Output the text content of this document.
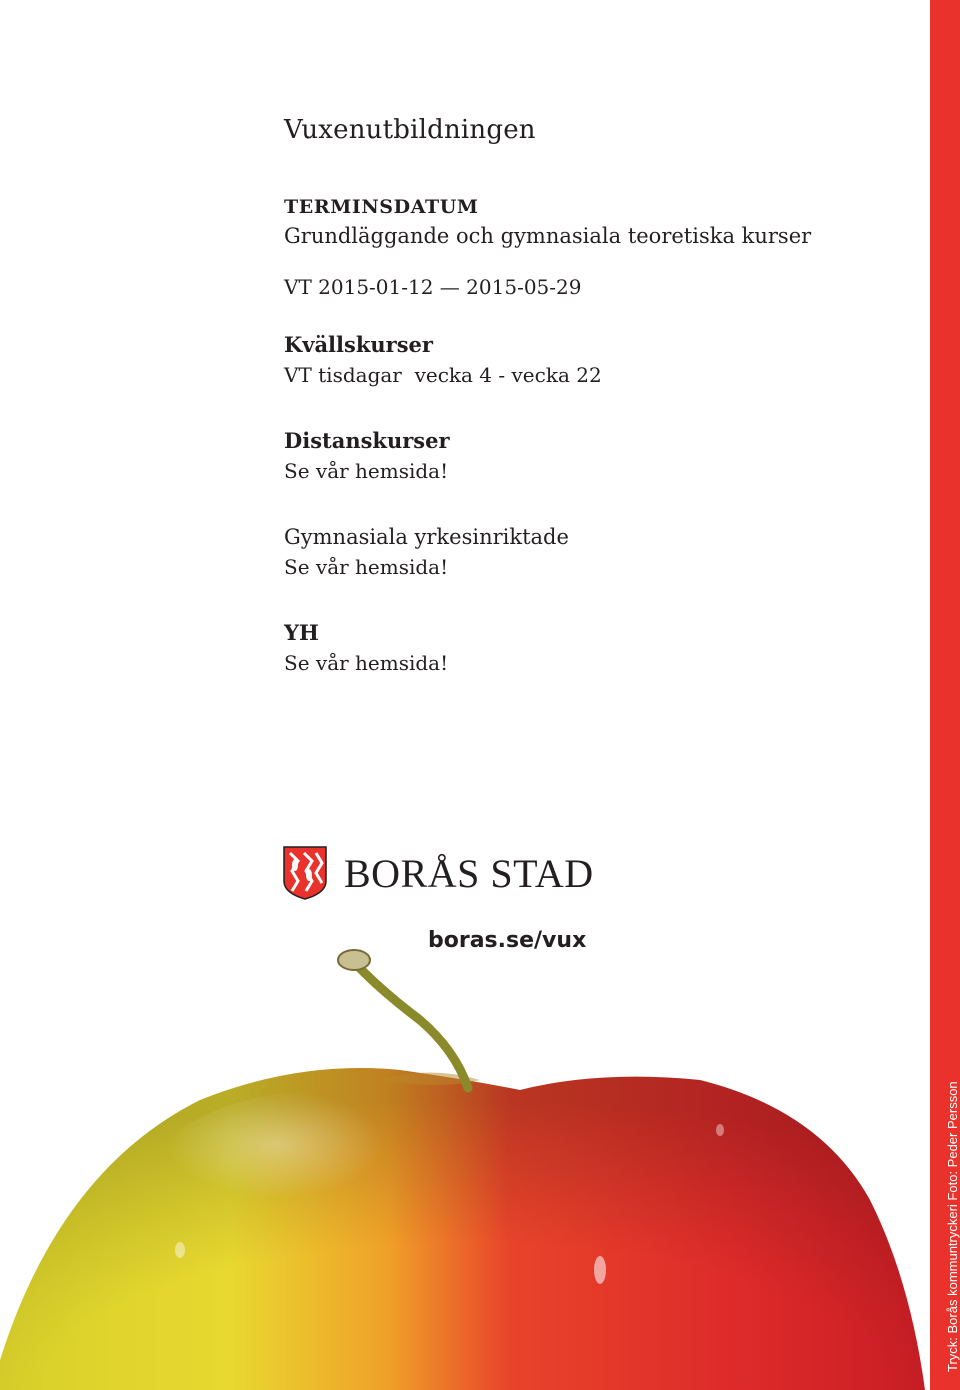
Tryck: Borås kommuntryckeri Foto: Peder Persson
Vuxenutbildningen
TERMINSDATUM
Grundläggande och gymnasiala teoretiska kurser
VT 2015-01-12 — 2015-05-29
Kvällskurser
VT tisdagar  vecka 4 - vecka 22
Distanskurser
Se vår hemsida!
Gymnasiala yrkesinriktade
Se vår hemsida!
YH
Se vår hemsida!
BORÅS STAD
boras.se/vux
